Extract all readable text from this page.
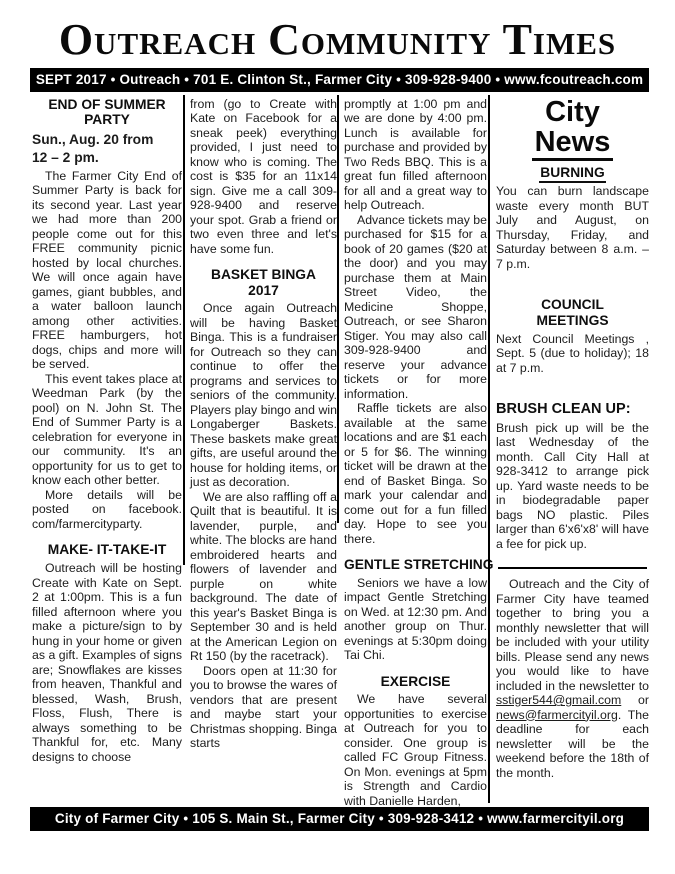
Outreach Community Times
SEPT 2017 • Outreach • 701 E. Clinton St., Farmer City • 309-928-9400 • www.fcoutreach.com
END OF SUMMER
PARTY
Sun., Aug. 20 from
12 – 2 pm.

The Farmer City End of Summer Party is back for its second year. Last year we had more than 200 people come out for this FREE community picnic hosted by local churches. We will once again have games, giant bubbles, and a water balloon launch among other activities. FREE hamburgers, hot dogs, chips and more will be served.

This event takes place at Weedman Park (by the pool) on N. John St. The End of Summer Party is a celebration for everyone in our community. It's an opportunity for us to get to know each other better.

More details will be posted on facebook. com/farmercityparty.

MAKE- IT-TAKE-IT

Outreach will be hosting Create with Kate on Sept. 2 at 1:00pm. This is a fun filled afternoon where you make a picture/sign to by hung in your home or given as a gift. Examples of signs are; Snowflakes are kisses from heaven, Thankful and blessed, Wash, Brush, Floss, Flush, There is always something to be Thankful for, etc. Many designs to choose

from (go to Create with Kate on Facebook for a sneak peek) everything provided, I just need to know who is coming. The cost is $35 for an 11x14 sign. Give me a call 309-928-9400 and reserve your spot. Grab a friend or two even three and let's have some fun.

BASKET BINGA
2017

Once again Outreach will be having Basket Binga. This is a fundraiser for Outreach so they can continue to offer the programs and services to seniors of the community. Players play bingo and win Longaberger Baskets. These baskets make great gifts, are useful around the house for holding items, or just as decoration.

We are also raffling off a Quilt that is beautiful. It is lavender, purple, and white. The blocks are hand embroidered hearts and flowers of lavender and purple on white background. The date of this year's Basket Binga is September 30 and is held at the American Legion on Rt 150 (by the racetrack).

Doors open at 11:30 for you to browse the wares of vendors that are present and maybe start your Christmas shopping. Binga starts

promptly at 1:00 pm and we are done by 4:00 pm. Lunch is available for purchase and provided by Two Reds BBQ. This is a great fun filled afternoon for all and a great way to help Outreach.

Advance tickets may be purchased for $15 for a book of 20 games ($20 at the door) and you may purchase them at Main Street Video, the Medicine Shoppe, Outreach, or see Sharon Stiger. You may also call 309-928-9400 and reserve your advance tickets or for more information.

Raffle tickets are also available at the same locations and are $1 each or 5 for $6. The winning ticket will be drawn at the end of Basket Binga. So mark your calendar and come out for a fun filled day. Hope to see you there.

GENTLE STRETCHING

Seniors we have a low impact Gentle Stretching on Wed. at 12:30 pm. And another group on Thur. evenings at 5:30pm doing Tai Chi.

EXERCISE

We have several opportunities to exercise at Outreach for you to consider. One group is called FC Group Fitness. On Mon. evenings at 5pm is Strength and Cardio with Danielle Harden,

City
News
BURNING

You can burn landscape waste every month BUT July and August, on Thursday, Friday, and Saturday between 8 a.m. – 7 p.m.

COUNCIL
MEETINGS

Next Council Meetings , Sept. 5 (due to holiday); 18 at 7 p.m.

BRUSH CLEAN UP:

Brush pick up will be the last Wednesday of the month. Call City Hall at 928-3412 to arrange pick up. Yard waste needs to be in biodegradable paper bags NO plastic. Piles larger than 6'x6'x8' will have a fee for pick up.

Outreach and the City of Farmer City have teamed together to bring you a monthly newsletter that will be included with your utility bills. Please send any news you would like to have included in the newsletter to sstiger544@gmail.com or news@farmercityil.org. The deadline for each newsletter will be the weekend before the 18th of the month.

City of Farmer City • 105 S. Main St., Farmer City • 309-928-3412 • www.farmercityil.org
